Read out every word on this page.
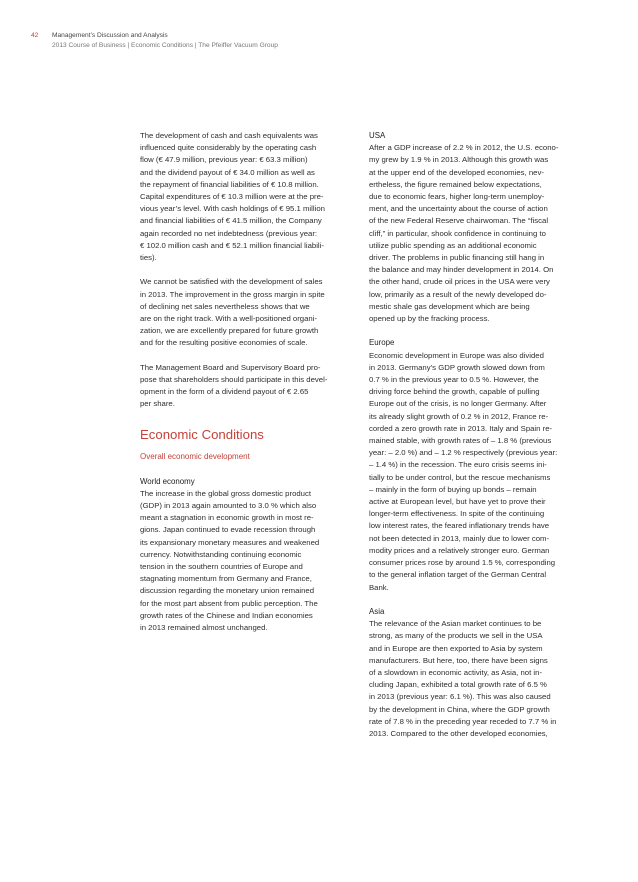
42 Management’s Discussion and Analysis
2013 Course of Business | Economic Conditions | The Pfeiffer Vacuum Group

The development of cash and cash equivalents was
influenced quite considerably by the operating cash
flow (€ 47.9 million, previous year: € 63.3 million)
and the dividend payout of € 34.0 million as well as
the repayment of financial liabilities of € 10.8 million.
Capital expenditures of € 10.3 million were at the pre-
vious year’s level. With cash holdings of € 95.1 million
and financial liabilities of € 41.5 million, the Company
again recorded no net indebtedness (previous year:
€ 102.0 million cash and € 52.1 million financial liabili-
ties).

We cannot be satisfied with the development of sales
in 2013. The improvement in the gross margin in spite
of declining net sales nevertheless shows that we
are on the right track. With a well-positioned organi-
zation, we are excellently prepared for future growth
and for the resulting positive economies of scale.

The Management Board and Supervisory Board pro-
pose that shareholders should participate in this devel-
opment in the form of a dividend payout of € 2.65
per share.

Economic Conditions
Overall economic development
World economy

The increase in the global gross domestic product
(GDP) in 2013 again amounted to 3.0 % which also
meant a stagnation in economic growth in most re-
gions. Japan continued to evade recession through
its expansionary monetary measures and weakened
currency. Notwithstanding continuing economic
tension in the southern countries of Europe and
stagnating momentum from Germany and France,
discussion regarding the monetary union remained
for the most part absent from public perception. The
growth rates of the Chinese and Indian economies
in 2013 remained almost unchanged.

USA

After a GDP increase of 2.2 % in 2012, the U.S. econo-
my grew by 1.9 % in 2013. Although this growth was
at the upper end of the developed economies, nev-
ertheless, the figure remained below expectations,
due to economic fears, higher long-term unemploy-
ment, and the uncertainty about the course of action
of the new Federal Reserve chairwoman. The “fiscal
cliff,” in particular, shook confidence in continuing to
utilize public spending as an additional economic
driver. The problems in public financing still hang in
the balance and may hinder development in 2014. On
the other hand, crude oil prices in the USA were very
low, primarily as a result of the newly developed do-
mestic shale gas development which are being
opened up by the fracking process.

Europe

Economic development in Europe was also divided
in 2013. Germany’s GDP growth slowed down from
0.7 % in the previous year to 0.5 %. However, the
driving force behind the growth, capable of pulling
Europe out of the crisis, is no longer Germany. After
its already slight growth of 0.2 % in 2012, France re-
corded a zero growth rate in 2013. Italy and Spain re-
mained stable, with growth rates of – 1.8 % (previous
year: – 2.0 %) and – 1.2 % respectively (previous year:
– 1.4 %) in the recession. The euro crisis seems ini-
tially to be under control, but the rescue mechanisms
– mainly in the form of buying up bonds – remain
active at European level, but have yet to prove their
longer-term effectiveness. In spite of the continuing
low interest rates, the feared inflationary trends have
not been detected in 2013, mainly due to lower com-
modity prices and a relatively stronger euro. German
consumer prices rose by around 1.5 %, corresponding
to the general inflation target of the German Central
Bank.

Asia

The relevance of the Asian market continues to be
strong, as many of the products we sell in the USA
and in Europe are then exported to Asia by system
manufacturers. But here, too, there have been signs
of a slowdown in economic activity, as Asia, not in-
cluding Japan, exhibited a total growth rate of 6.5 %
in 2013 (previous year: 6.1 %). This was also caused
by the development in China, where the GDP growth
rate of 7.8 % in the preceding year receded to 7.7 % in
2013. Compared to the other developed economies,
